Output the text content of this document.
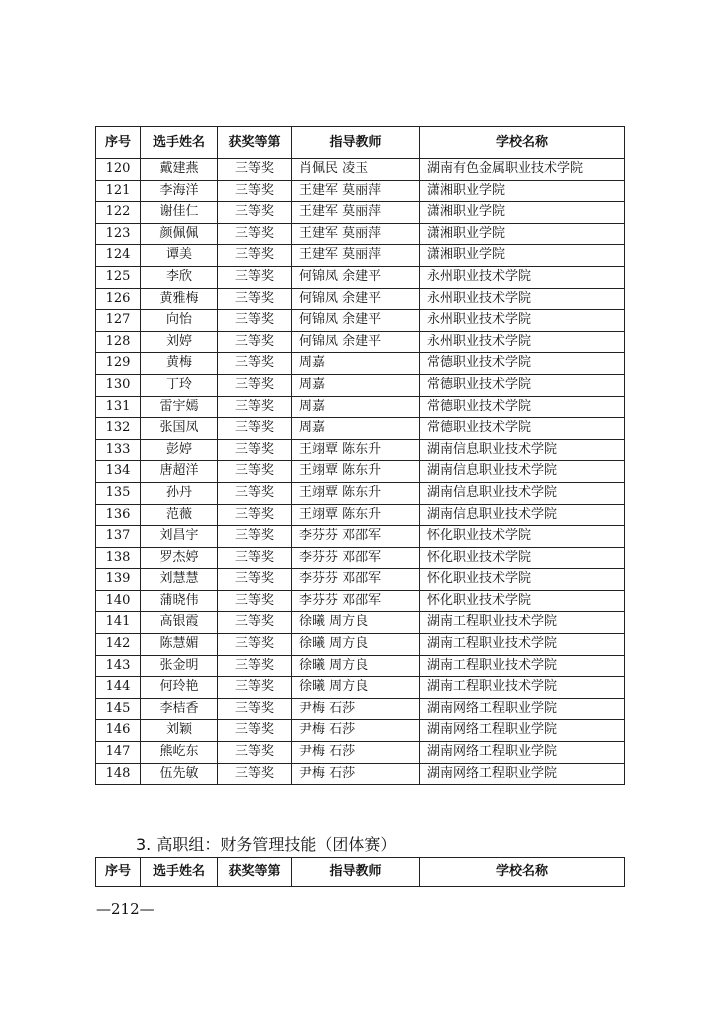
序号	选手姓名	获奖等第	指导教师	学校名称
120	戴建燕	三等奖	肖佩民 凌玉	湖南有色金属职业技术学院
121	李海洋	三等奖	王建军 莫丽萍	潇湘职业学院
122	谢佳仁	三等奖	王建军 莫丽萍	潇湘职业学院
123	颜佩佩	三等奖	王建军 莫丽萍	潇湘职业学院
124	谭美	三等奖	王建军 莫丽萍	潇湘职业学院
125	李欣	三等奖	何锦凤 余建平	永州职业技术学院
126	黄雅梅	三等奖	何锦凤 余建平	永州职业技术学院
127	向怡	三等奖	何锦凤 余建平	永州职业技术学院
128	刘婷	三等奖	何锦凤 余建平	永州职业技术学院
129	黄梅	三等奖	周嘉	常德职业技术学院
130	丁玲	三等奖	周嘉	常德职业技术学院
131	雷宇嫣	三等奖	周嘉	常德职业技术学院
132	张国凤	三等奖	周嘉	常德职业技术学院
133	彭婷	三等奖	王翊覃 陈东升	湖南信息职业技术学院
134	唐超洋	三等奖	王翊覃 陈东升	湖南信息职业技术学院
135	孙丹	三等奖	王翊覃 陈东升	湖南信息职业技术学院
136	范薇	三等奖	王翊覃 陈东升	湖南信息职业技术学院
137	刘昌宇	三等奖	李芬芬 邓邵军	怀化职业技术学院
138	罗杰婷	三等奖	李芬芬 邓邵军	怀化职业技术学院
139	刘慧慧	三等奖	李芬芬 邓邵军	怀化职业技术学院
140	蒲晓伟	三等奖	李芬芬 邓邵军	怀化职业技术学院
141	高银霞	三等奖	徐曦 周方良	湖南工程职业技术学院
142	陈慧媚	三等奖	徐曦 周方良	湖南工程职业技术学院
143	张金明	三等奖	徐曦 周方良	湖南工程职业技术学院
144	何玲艳	三等奖	徐曦 周方良	湖南工程职业技术学院
145	李桔香	三等奖	尹梅 石莎	湖南网络工程职业学院
146	刘颖	三等奖	尹梅 石莎	湖南网络工程职业学院
147	熊屹东	三等奖	尹梅 石莎	湖南网络工程职业学院
148	伍先敏	三等奖	尹梅 石莎	湖南网络工程职业学院
3. 高职组：财务管理技能（团体赛）
序号	选手姓名	获奖等第	指导教师	学校名称
—212—
